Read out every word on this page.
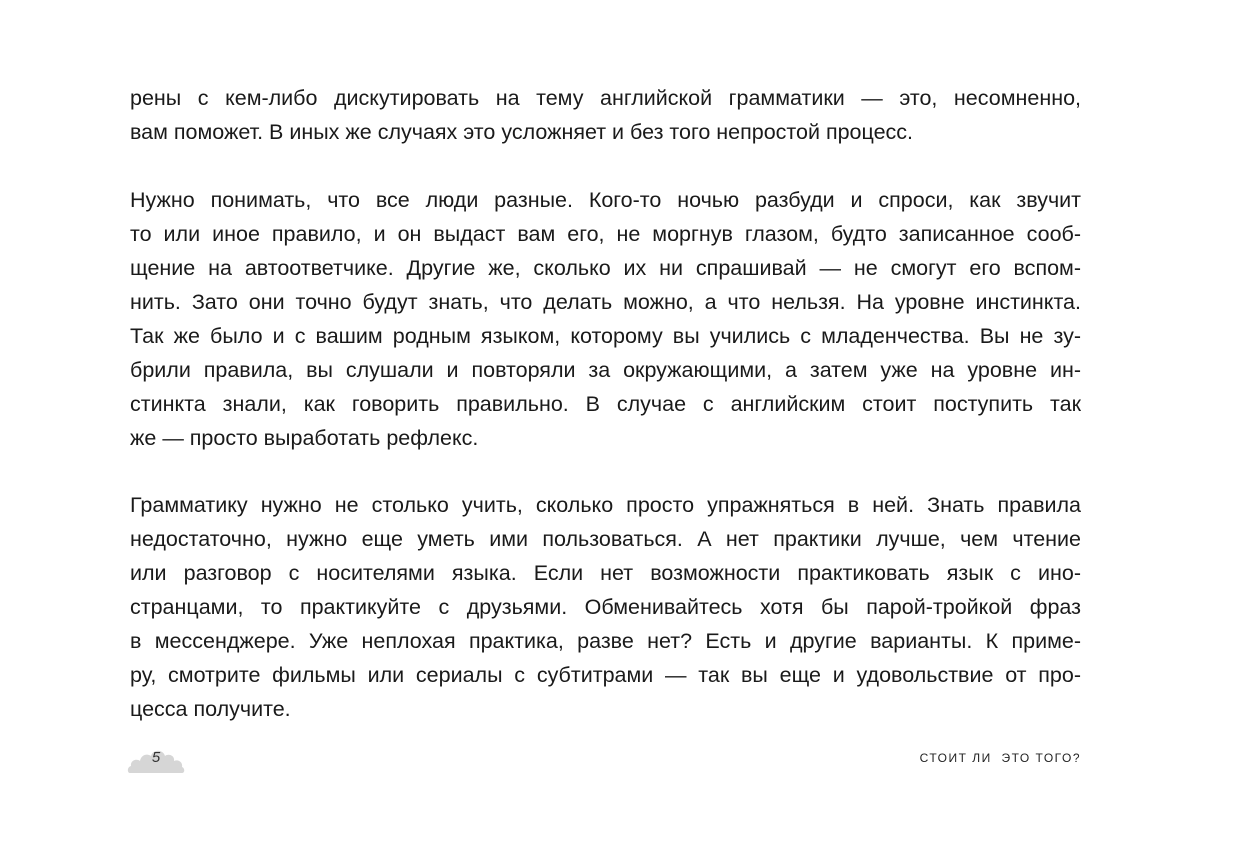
рены с кем-либо дискутировать на тему английской грамматики — это, несомненно,
вам поможет. В иных же случаях это усложняет и без того непростой процесс.
Нужно понимать, что все люди разные. Кого-то ночью разбуди и спроси, как звучит
то или иное правило, и он выдаст вам его, не моргнув глазом, будто записанное сооб-
щение на автоответчике. Другие же, сколько их ни спрашивай — не смогут его вспом-
нить. Зато они точно будут знать, что делать можно, а что нельзя. На уровне инстинкта.
Так же было и с вашим родным языком, которому вы учились с младенчества. Вы не зу-
брили правила, вы слушали и повторяли за окружающими, а затем уже на уровне ин-
стинкта знали, как говорить правильно. В случае с английским стоит поступить так
же — просто выработать рефлекс.
Грамматику нужно не столько учить, сколько просто упражняться в ней. Знать правила
недостаточно, нужно еще уметь ими пользоваться. А нет практики лучше, чем чтение
или разговор с носителями языка. Если нет возможности практиковать язык с ино-
странцами, то практикуйте с друзьями. Обменивайтесь хотя бы парой-тройкой фраз
в мессенджере. Уже неплохая практика, разве нет? Есть и другие варианты. К приме-
ру, смотрите фильмы или сериалы с субтитрами — так вы еще и удовольствие от про-
цесса получите.
5	СТОИТ ЛИ  ЭТО ТОГО?
